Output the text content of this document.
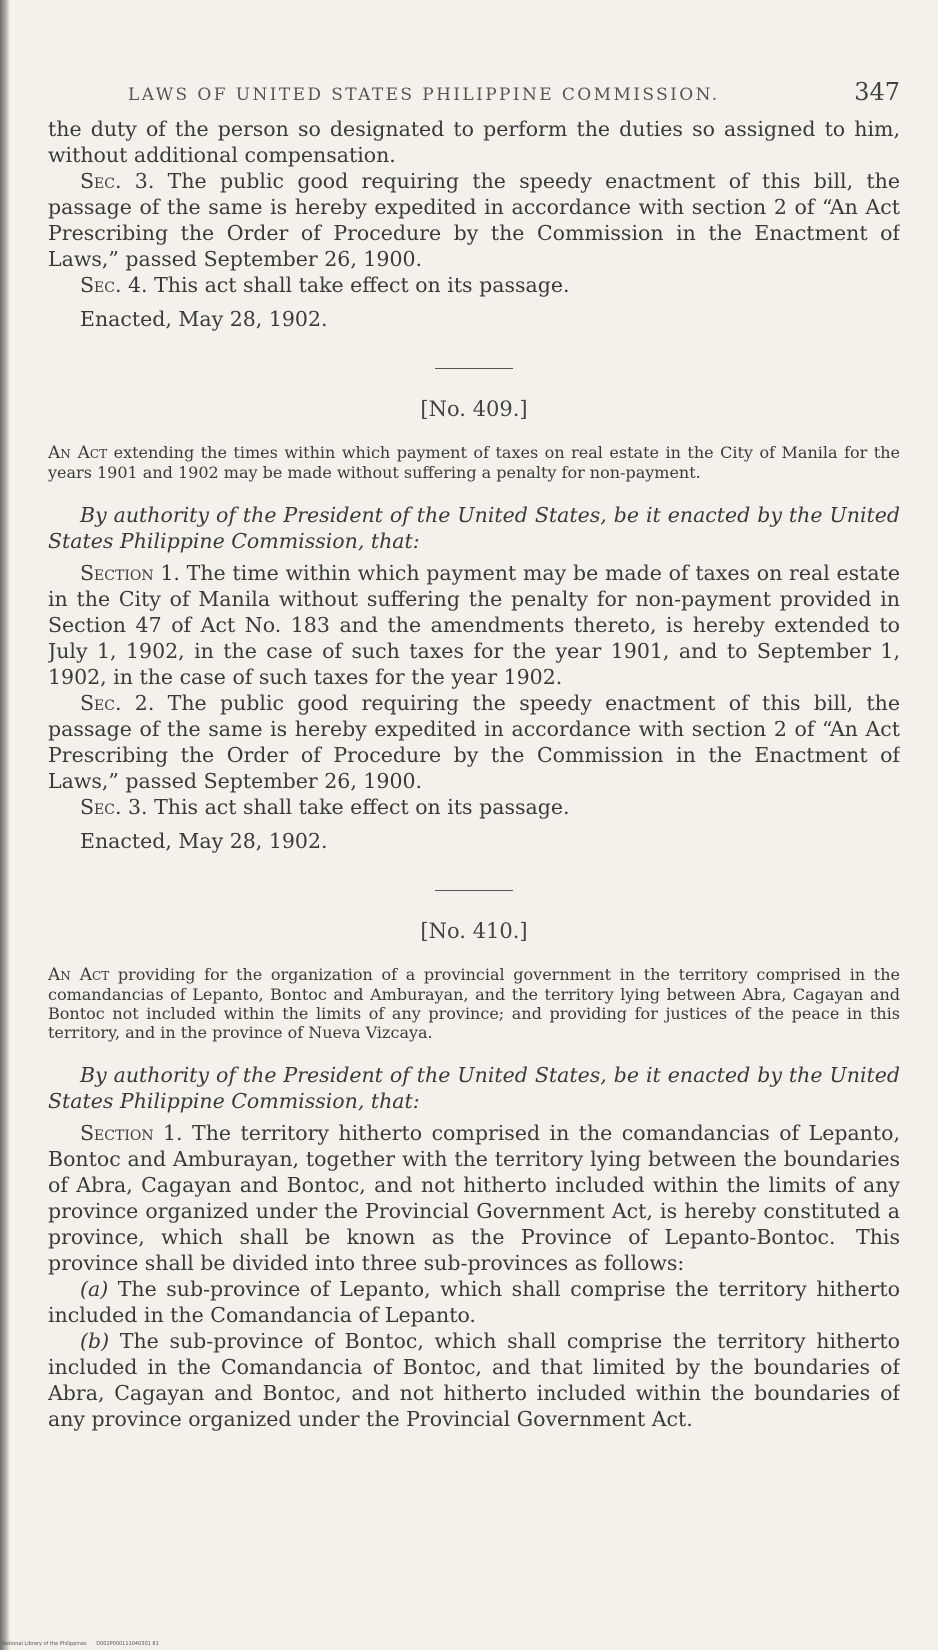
LAWS OF UNITED STATES PHILIPPINE COMMISSION.	347

the duty of the person so designated to perform the duties so assigned to him, without additional compensation.

Sec. 3. The public good requiring the speedy enactment of this bill, the passage of the same is hereby expedited in accordance with section 2 of “An Act Prescribing the Order of Procedure by the Commission in the Enactment of Laws,” passed September 26, 1900.

Sec. 4. This act shall take effect on its passage.

Enacted, May 28, 1902.

[No. 409.]

An Act extending the times within which payment of taxes on real estate in the City of Manila for the years 1901 and 1902 may be made without suffering a penalty for non-payment.

By authority of the President of the United States, be it enacted by the United States Philippine Commission, that:

Section 1. The time within which payment may be made of taxes on real estate in the City of Manila without suffering the penalty for non-payment provided in Section 47 of Act No. 183 and the amendments thereto, is hereby extended to July 1, 1902, in the case of such taxes for the year 1901, and to September 1, 1902, in the case of such taxes for the year 1902.

Sec. 2. The public good requiring the speedy enactment of this bill, the passage of the same is hereby expedited in accordance with section 2 of “An Act Prescribing the Order of Procedure by the Commission in the Enactment of Laws,” passed September 26, 1900.

Sec. 3. This act shall take effect on its passage.

Enacted, May 28, 1902.

[No. 410.]

An Act providing for the organization of a provincial government in the territory comprised in the comandancias of Lepanto, Bontoc and Amburayan, and the territory lying between Abra, Cagayan and Bontoc not included within the limits of any province; and providing for justices of the peace in this territory, and in the province of Nueva Vizcaya.

By authority of the President of the United States, be it enacted by the United States Philippine Commission, that:

Section 1. The territory hitherto comprised in the comandancias of Lepanto, Bontoc and Amburayan, together with the territory lying between the boundaries of Abra, Cagayan and Bontoc, and not hitherto included within the limits of any province organized under the Provincial Government Act, is hereby constituted a province, which shall be known as the Province of Lepanto-Bontoc. This province shall be divided into three sub-provinces as follows:

(a) The sub-province of Lepanto, which shall comprise the territory hitherto included in the Comandancia of Lepanto.

(b) The sub-province of Bontoc, which shall comprise the territory hitherto included in the Comandancia of Bontoc, and that limited by the boundaries of Abra, Cagayan and Bontoc, and not hitherto included within the boundaries of any province organized under the Provincial Government Act.

National Library of the Philippines D002P000111040301 81
